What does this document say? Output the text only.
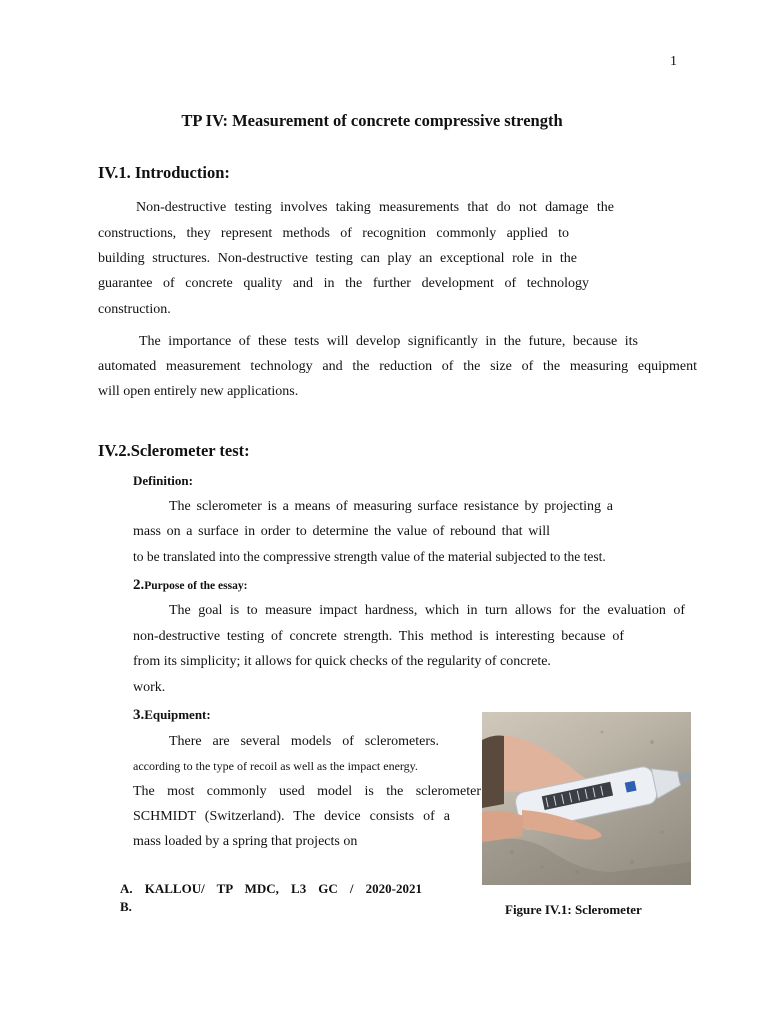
1
TP IV: Measurement of concrete compressive strength
IV.1. Introduction:
Non-destructive testing involves taking measurements that do not damage the
constructions, they represent methods of recognition commonly applied to
building structures. Non-destructive testing can play an exceptional role in the
guarantee of concrete quality and in the further development of technology
construction.
The importance of these tests will develop significantly in the future, because its
automated measurement technology and the reduction of the size of the measuring equipment
will open entirely new applications.
IV.2.Sclerometer test:
Definition:
The sclerometer is a means of measuring surface resistance by projecting a
mass on a surface in order to determine the value of rebound that will
to be translated into the compressive strength value of the material subjected to the test.
2.Purpose of the essay:
The goal is to measure impact hardness, which in turn allows for the evaluation of
non-destructive testing of concrete strength. This method is interesting because of
from its simplicity; it allows for quick checks of the regularity of concrete.
work.
3.Equipment:
There are several models of sclerometers.
according to the type of recoil as well as the impact energy.
The most commonly used model is the sclerometer
SCHMIDT (Switzerland). The device consists of a
mass loaded by a spring that projects on
A. KALLOU/ TP MDC, L3 GC / 2020-2021
B.	Figure IV.1: Sclerometer
